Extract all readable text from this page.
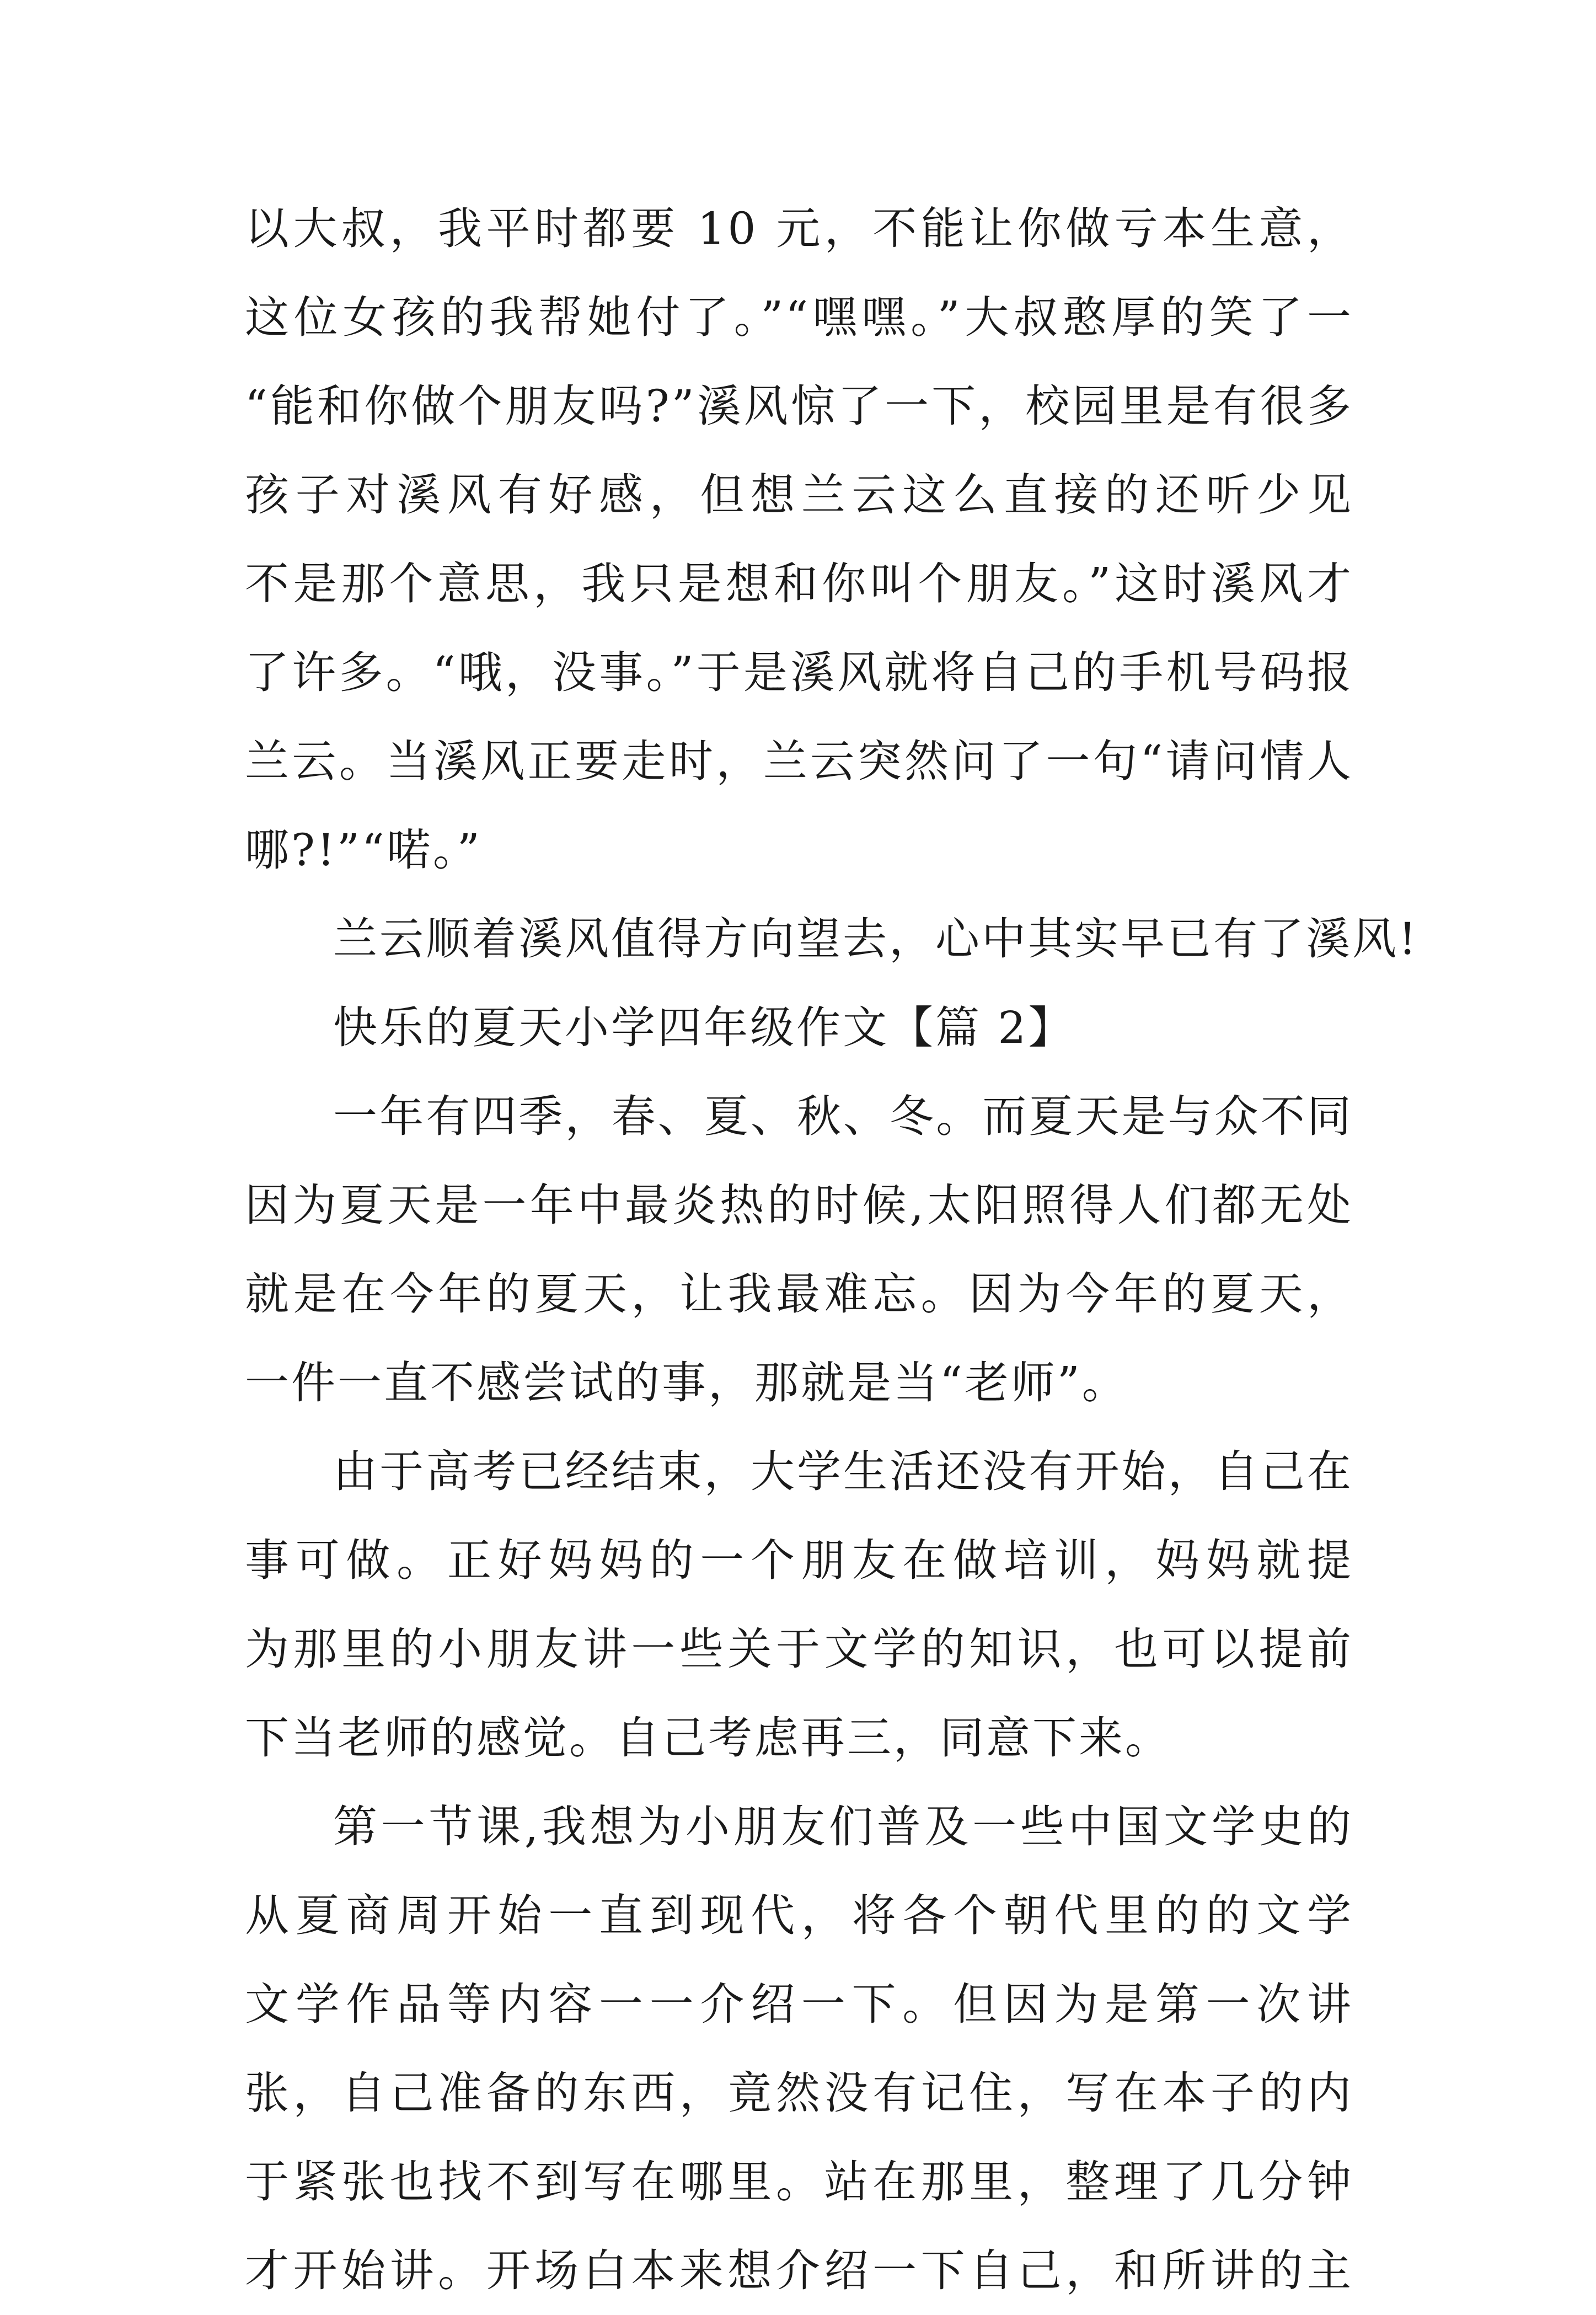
以大叔，我平时都要 10 元，不能让你做亏本生意，
这位女孩的我帮她付了。”“嘿嘿。”大叔憨厚的笑了一
“能和你做个朋友吗?”溪风惊了一下，校园里是有很多
孩子对溪风有好感，但想兰云这么直接的还听少见
不是那个意思，我只是想和你叫个朋友。”这时溪风才
了许多。“哦，没事。”于是溪风就将自己的手机号码报
兰云。当溪风正要走时，兰云突然问了一句“请问情人
哪?!”“喏。”
兰云顺着溪风值得方向望去，心中其实早已有了溪风!
快乐的夏天小学四年级作文【篇 2】
一年有四季，春、夏、秋、冬。而夏天是与众不同
因为夏天是一年中最炎热的时候,太阳照得人们都无处
就是在今年的夏天，让我最难忘。因为今年的夏天，
一件一直不感尝试的事，那就是当“老师”。
由于高考已经结束，大学生活还没有开始，自己在
事可做。正好妈妈的一个朋友在做培训，妈妈就提
为那里的小朋友讲一些关于文学的知识，也可以提前
下当老师的感觉。自己考虑再三，同意下来。
第一节课,我想为小朋友们普及一些中国文学史的
从夏商周开始一直到现代，将各个朝代里的的文学
文学作品等内容一一介绍一下。但因为是第一次讲
张，自己准备的东西，竟然没有记住，写在本子的内
于紧张也找不到写在哪里。站在那里，整理了几分钟
才开始讲。开场白本来想介绍一下自己，和所讲的主
